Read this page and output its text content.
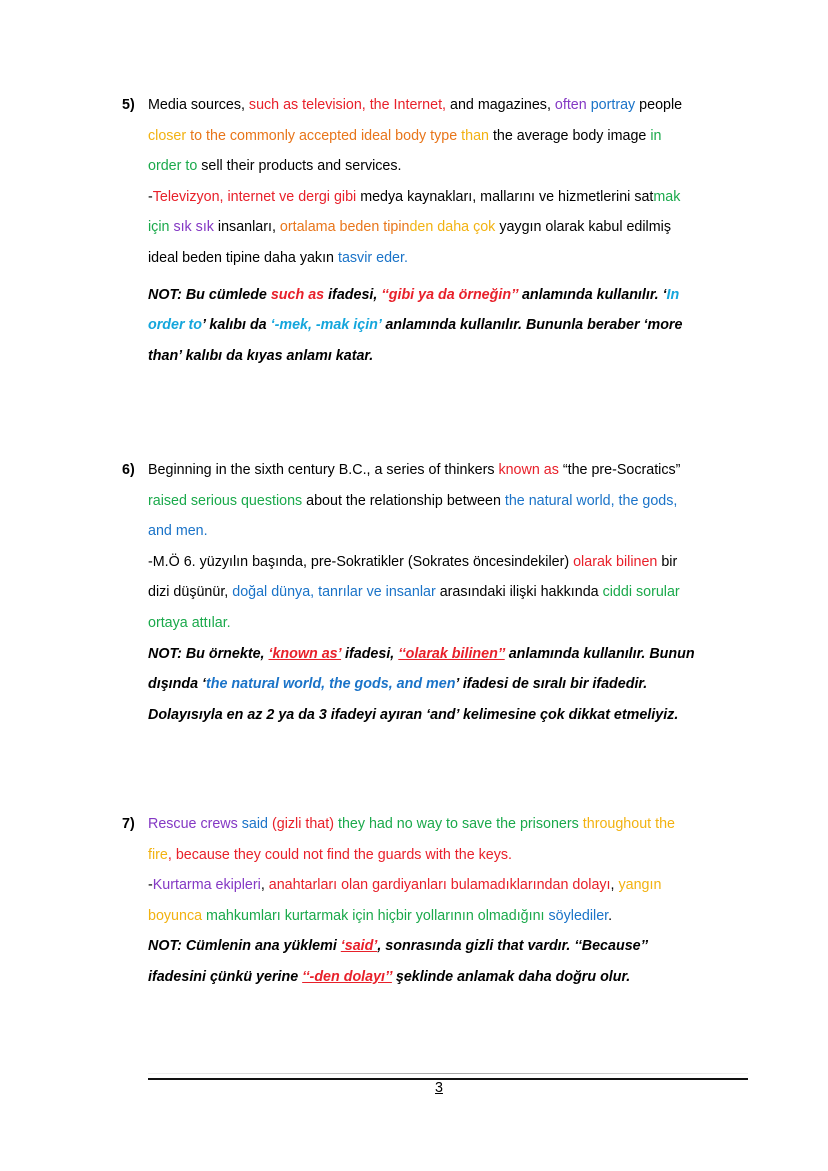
5) Media sources, such as television, the Internet, and magazines, often portray people
closer to the commonly accepted ideal body type than the average body image in
order to sell their products and services.
-Televizyon, internet ve dergi gibi medya kaynakları, mallarını ve hizmetlerini satmak
için sık sık insanları, ortalama beden tipinden daha çok yaygın olarak kabul edilmiş
ideal beden tipine daha yakın tasvir eder.
NOT: Bu cümlede such as ifadesi, ‘‘gibi ya da örneğin’’ anlamında kullanılır. ‘In
order to’ kalıbı da ‘-mek, -mak için’ anlamında kullanılır. Bununla beraber ‘more
than’ kalıbı da kıyas anlamı katar.
6) Beginning in the sixth century B.C., a series of thinkers known as “the pre-Socratics”
raised serious questions about the relationship between the natural world, the gods,
and men.
-M.Ö 6. yüzyılın başında, pre-Sokratikler (Sokrates öncesindekiler) olarak bilinen bir
dizi düşünür, doğal dünya, tanrılar ve insanlar arasındaki ilişki hakkında ciddi sorular
ortaya attılar.
NOT: Bu örnekte, ‘known as’ ifadesi, ‘‘olarak bilinen’’ anlamında kullanılır. Bunun
dışında ‘the natural world, the gods, and men’ ifadesi de sıralı bir ifadedir.
Dolayısıyla en az 2 ya da 3 ifadeyi ayıran ‘and’ kelimesine çok dikkat etmeliyiz.
7) Rescue crews said (gizli that) they had no way to save the prisoners throughout the
fire, because they could not find the guards with the keys.
-Kurtarma ekipleri, anahtarları olan gardiyanları bulamadıklarından dolayı, yangın
boyunca mahkumları kurtarmak için hiçbir yollarının olmadığını söylediler.
NOT: Cümlenin ana yüklemi ‘said’, sonrasında gizli that vardır. ‘‘Because’’
ifadesini çünkü yerine ‘‘-den dolayı’’ şeklinde anlamak daha doğru olur.
3
